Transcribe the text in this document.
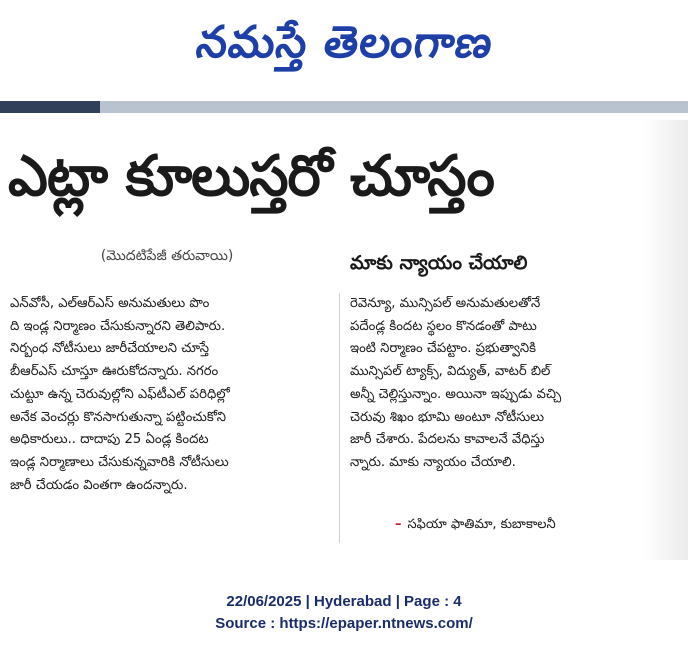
నమస్తే తెలంగాణ
ఎట్లా కూలుస్తరో చూస్తం
(మొదటిపేజీ తరువాయి)	మాకు న్యాయం చేయాలి
ఎన్‌వోసీ, ఎల్‌ఆర్‌ఎస్ అనుమతులు పొం
ది ఇండ్ల నిర్మాణం చేసుకున్నారని తెలిపారు.
నిర్బంధ నోటీసులు జారీచేయాలని చూస్తే
బీఆర్‌ఎస్ చూస్తూ ఊరుకోదన్నారు. నగరం
చుట్టూ ఉన్న చెరువుల్లోని ఎఫ్‌టీఎల్ పరిధిల్లో
అనేక వెంచర్లు కొనసాగుతున్నా పట్టించుకోని
అధికారులు.. దాదాపు 25 ఏండ్ల కిందట
ఇండ్ల నిర్మాణాలు చేసుకున్నవారికి నోటీసులు
జారీ చేయడం వింతగా ఉందన్నారు.
రెవెన్యూ, మున్సిపల్ అనుమతులతోనే
పదేండ్ల కిందట స్థలం కొనడంతో పాటు
ఇంటి నిర్మాణం చేపట్టాం. ప్రభుత్వానికి
మున్సిపల్ ట్యాక్స్, విద్యుత్, వాటర్ బిల్
అన్నీ చెల్లిస్తున్నాం. అయినా ఇప్పుడు వచ్చి
చెరువు శిఖం భూమి అంటూ నోటీసులు
జారీ చేశారు. పేదలను కావాలనే వేధిస్తు
న్నారు. మాకు న్యాయం చేయాలి.
– సఫియా ఫాతిమా, కుబాకాలనీ
22/06/2025 | Hyderabad | Page : 4
Source : https://epaper.ntnews.com/
